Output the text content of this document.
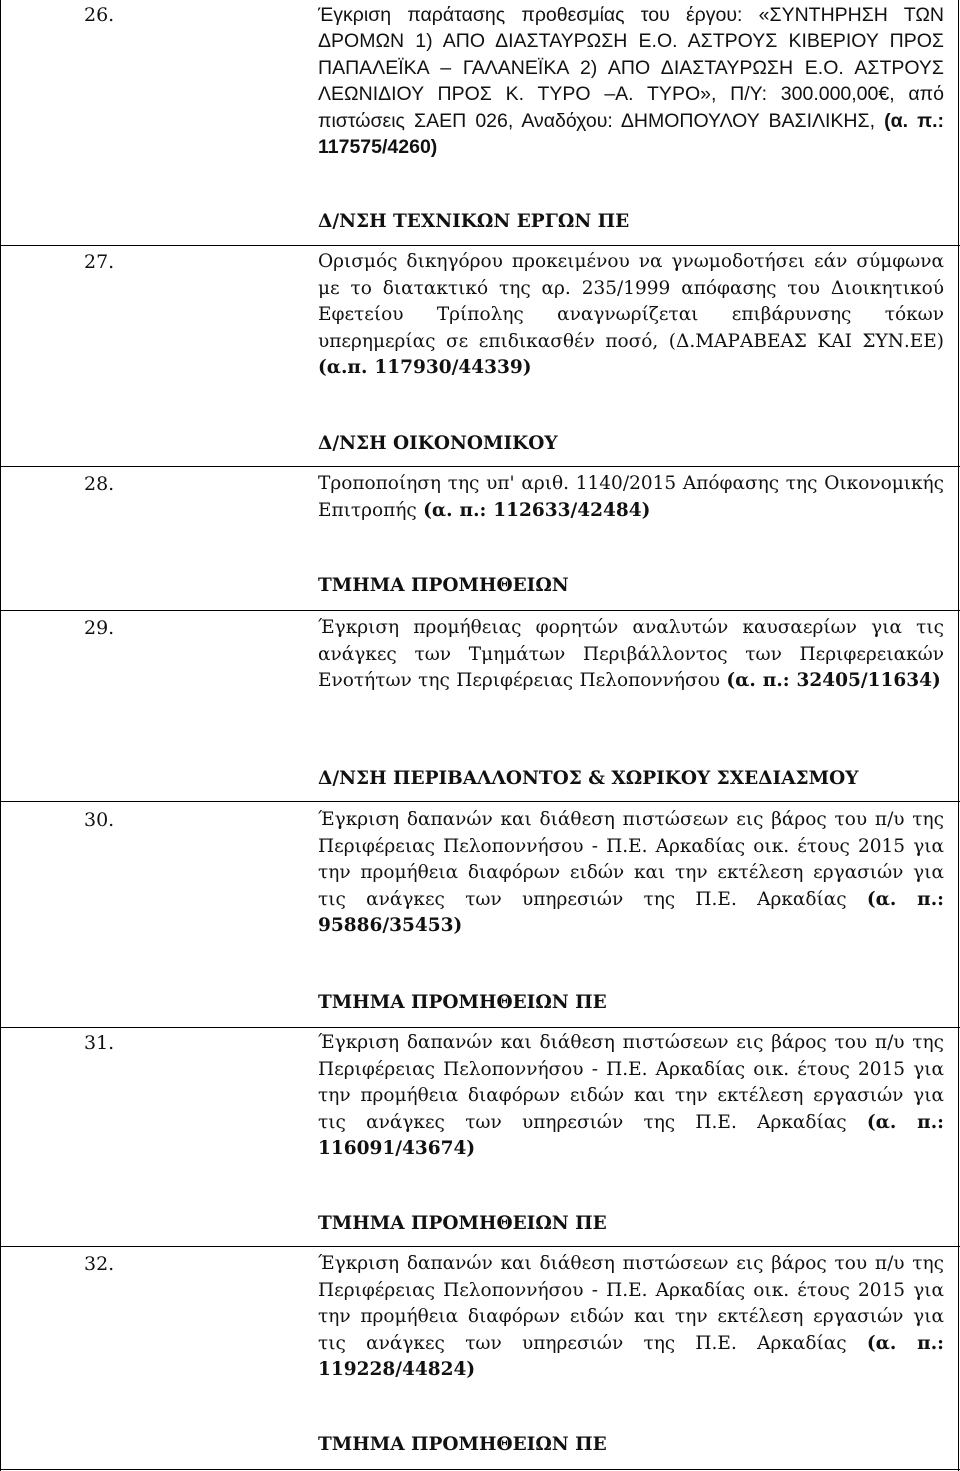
26.	Έγκριση παράτασης προθεσμίας του έργου: «ΣΥΝΤΗΡΗΣΗ ΤΩΝ ΔΡΟΜΩΝ 1) ΑΠΟ ΔΙΑΣΤΑΥΡΩΣΗ Ε.Ο. ΑΣΤΡΟΥΣ ΚΙΒΕΡΙΟΥ ΠΡΟΣ ΠΑΠΑΛΕΪΚΑ – ΓΑΛΑΝΕΪΚΑ 2) ΑΠΟ ΔΙΑΣΤΑΥΡΩΣΗ Ε.Ο. ΑΣΤΡΟΥΣ ΛΕΩΝΙΔΙΟΥ ΠΡΟΣ Κ. ΤΥΡΟ –Α. ΤΥΡΟ», Π/Υ: 300.000,00€, από πιστώσεις ΣΑΕΠ 026, Αναδόχου: ΔΗΜΟΠΟΥΛΟΥ ΒΑΣΙΛΙΚΗΣ, (α. π.: 117575/4260)
Δ/ΝΣΗ ΤΕΧΝΙΚΩΝ ΕΡΓΩΝ ΠΕ
27.	Ορισμός δικηγόρου προκειμένου να γνωμοδοτήσει εάν σύμφωνα με το διατακτικό της αρ. 235/1999 απόφασης του Διοικητικού Εφετείου Τρίπολης αναγνωρίζεται επιβάρυνσης τόκων υπερημερίας σε επιδικασθέν ποσό, (Δ.ΜΑΡΑΒΕΑΣ ΚΑΙ ΣΥΝ.ΕΕ) (α.π. 117930/44339)
Δ/ΝΣΗ ΟΙΚΟΝΟΜΙΚΟΥ
28.	Τροποποίηση της υπ' αριθ. 1140/2015 Απόφασης της Οικονομικής Επιτροπής (α. π.: 112633/42484)
ΤΜΗΜΑ ΠΡΟΜΗΘΕΙΩΝ
29.	Έγκριση προμήθειας φορητών αναλυτών καυσαερίων για τις ανάγκες των Τμημάτων Περιβάλλοντος των Περιφερειακών Ενοτήτων της Περιφέρειας Πελοποννήσου (α. π.: 32405/11634)
Δ/ΝΣΗ ΠΕΡΙΒΑΛΛΟΝΤΟΣ & ΧΩΡΙΚΟΥ ΣΧΕΔΙΑΣΜΟΥ
30.	Έγκριση δαπανών και διάθεση πιστώσεων εις βάρος του π/υ της Περιφέρειας Πελοποννήσου - Π.Ε. Αρκαδίας οικ. έτους 2015 για την προμήθεια διαφόρων ειδών και την εκτέλεση εργασιών για τις ανάγκες των υπηρεσιών της Π.Ε. Αρκαδίας (α. π.: 95886/35453)
ΤΜΗΜΑ ΠΡΟΜΗΘΕΙΩΝ ΠΕ
31.	Έγκριση δαπανών και διάθεση πιστώσεων εις βάρος του π/υ της Περιφέρειας Πελοποννήσου - Π.Ε. Αρκαδίας οικ. έτους 2015 για την προμήθεια διαφόρων ειδών και την εκτέλεση εργασιών για τις ανάγκες των υπηρεσιών της Π.Ε. Αρκαδίας (α. π.: 116091/43674)
ΤΜΗΜΑ ΠΡΟΜΗΘΕΙΩΝ ΠΕ
32.	Έγκριση δαπανών και διάθεση πιστώσεων εις βάρος του π/υ της Περιφέρειας Πελοποννήσου - Π.Ε. Αρκαδίας οικ. έτους 2015 για την προμήθεια διαφόρων ειδών και την εκτέλεση εργασιών για τις ανάγκες των υπηρεσιών της Π.Ε. Αρκαδίας (α. π.: 119228/44824)
ΤΜΗΜΑ ΠΡΟΜΗΘΕΙΩΝ ΠΕ
